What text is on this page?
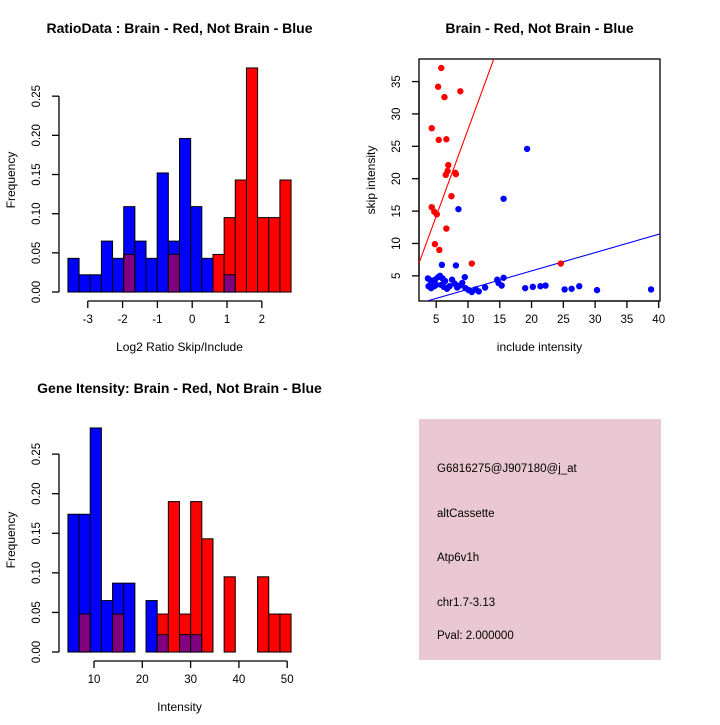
-3 -2 -1 0 1 2
0.00
0.05
0.10
0.15
0.20
0.25
RatioData : Brain - Red, Not Brain - Blue
Log2 Ratio Skip/Include
Frequency
5 10 15 20 25 30 35 40
5
10
15
20
25
30
35
Brain - Red, Not Brain - Blue
include intensity
skip intensity
10	20	30	40	50
0.00
0.05
0.10
0.15
0.20
0.25
Gene Itensity: Brain - Red, Not Brain - Blue
Intensity
Frequency
G6816275@J907180@j_at
altCassette
Atp6v1h
chr1.7-3.13
Pval: 2.000000
